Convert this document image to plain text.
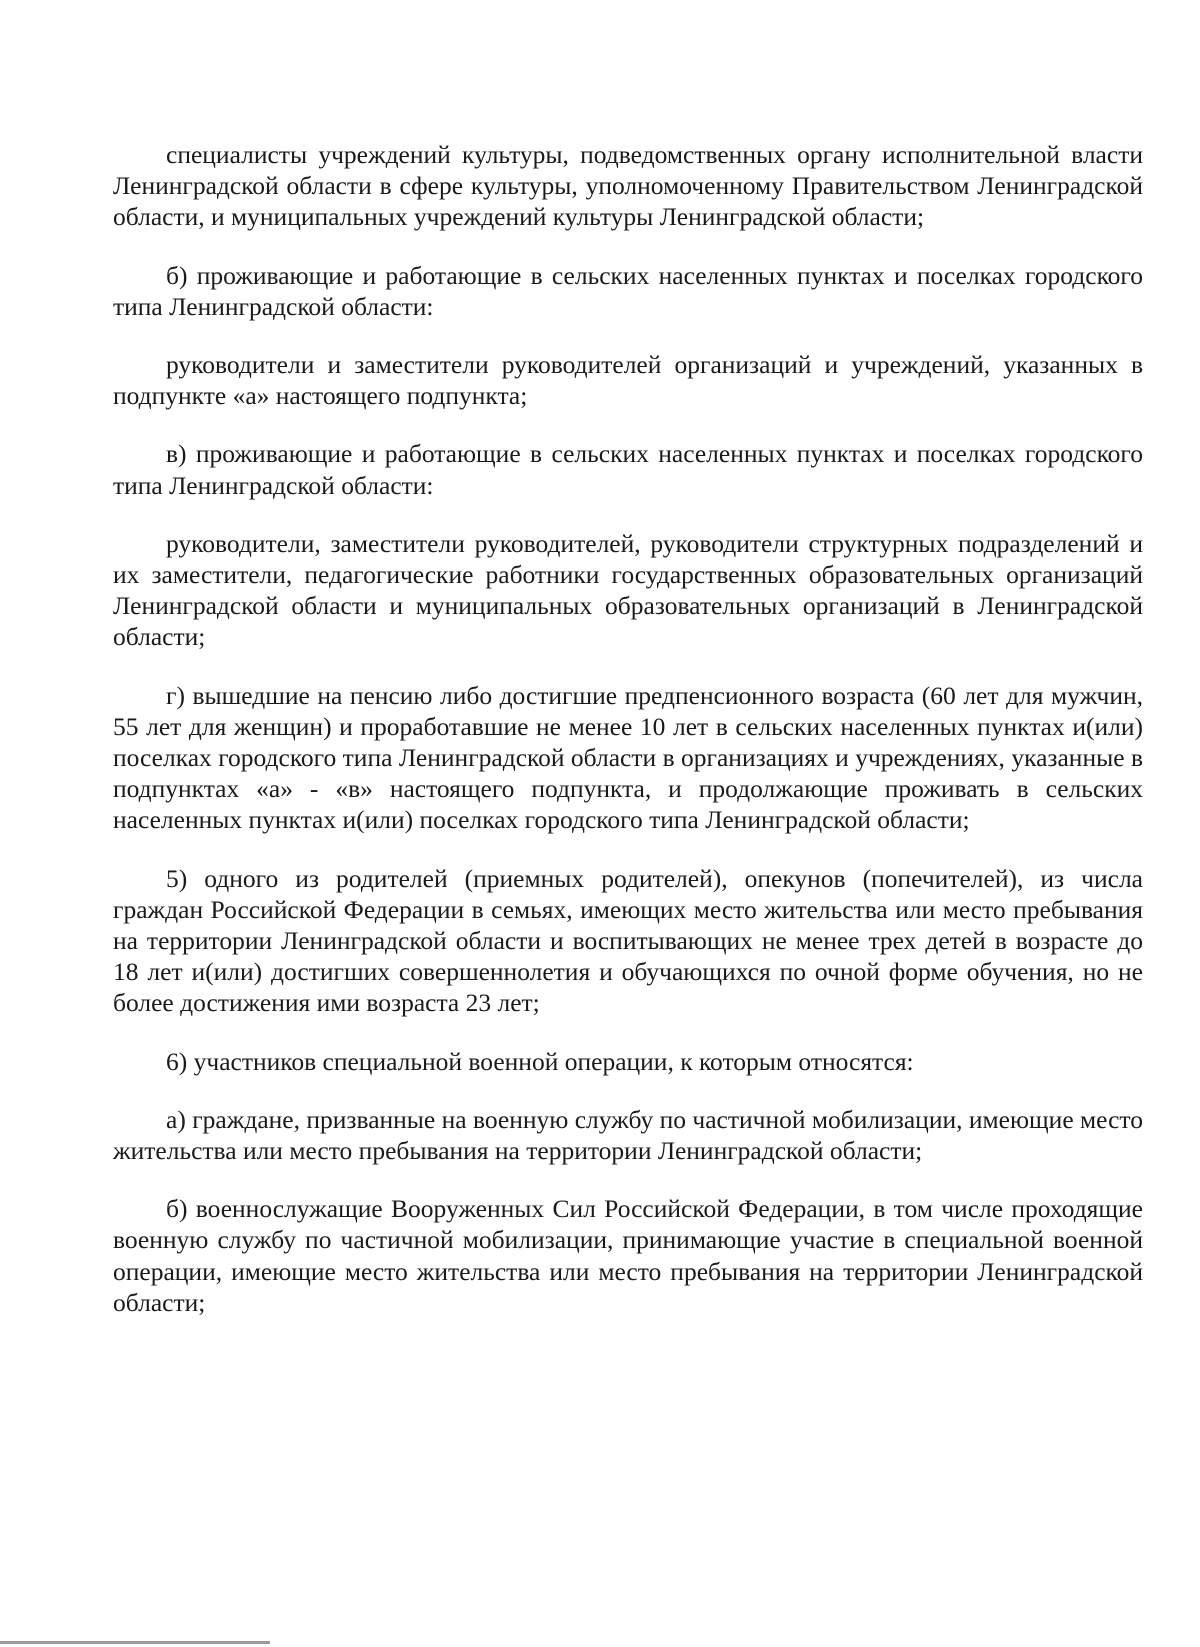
специалисты учреждений культуры, подведомственных органу исполнительной власти Ленинградской области в сфере культуры, уполномоченному Правительством Ленинградской области, и муниципальных учреждений культуры Ленинградской области;

б) проживающие и работающие в сельских населенных пунктах и поселках городского типа Ленинградской области:

руководители и заместители руководителей организаций и учреждений, указанных в подпункте «а» настоящего подпункта;

в) проживающие и работающие в сельских населенных пунктах и поселках городского типа Ленинградской области:

руководители, заместители руководителей, руководители структурных подразделений и их заместители, педагогические работники государственных образовательных организаций Ленинградской области и муниципальных образовательных организаций в Ленинградской области;

г) вышедшие на пенсию либо достигшие предпенсионного возраста (60 лет для мужчин, 55 лет для женщин) и проработавшие не менее 10 лет в сельских населенных пунктах и(или) поселках городского типа Ленинградской области в организациях и учреждениях, указанные в подпунктах «а» - «в» настоящего подпункта, и продолжающие проживать в сельских населенных пунктах и(или) поселках городского типа Ленинградской области;

5) одного из родителей (приемных родителей), опекунов (попечителей), из числа граждан Российской Федерации в семьях, имеющих место жительства или место пребывания на территории Ленинградской области и воспитывающих не менее трех детей в возрасте до 18 лет и(или) достигших совершеннолетия и обучающихся по очной форме обучения, но не более достижения ими возраста 23 лет;

6) участников специальной военной операции, к которым относятся:

а) граждане, призванные на военную службу по частичной мобилизации, имеющие место жительства или место пребывания на территории Ленинградской области;

б) военнослужащие Вооруженных Сил Российской Федерации, в том числе проходящие военную службу по частичной мобилизации, принимающие участие в специальной военной операции, имеющие место жительства или место пребывания на территории Ленинградской области;
